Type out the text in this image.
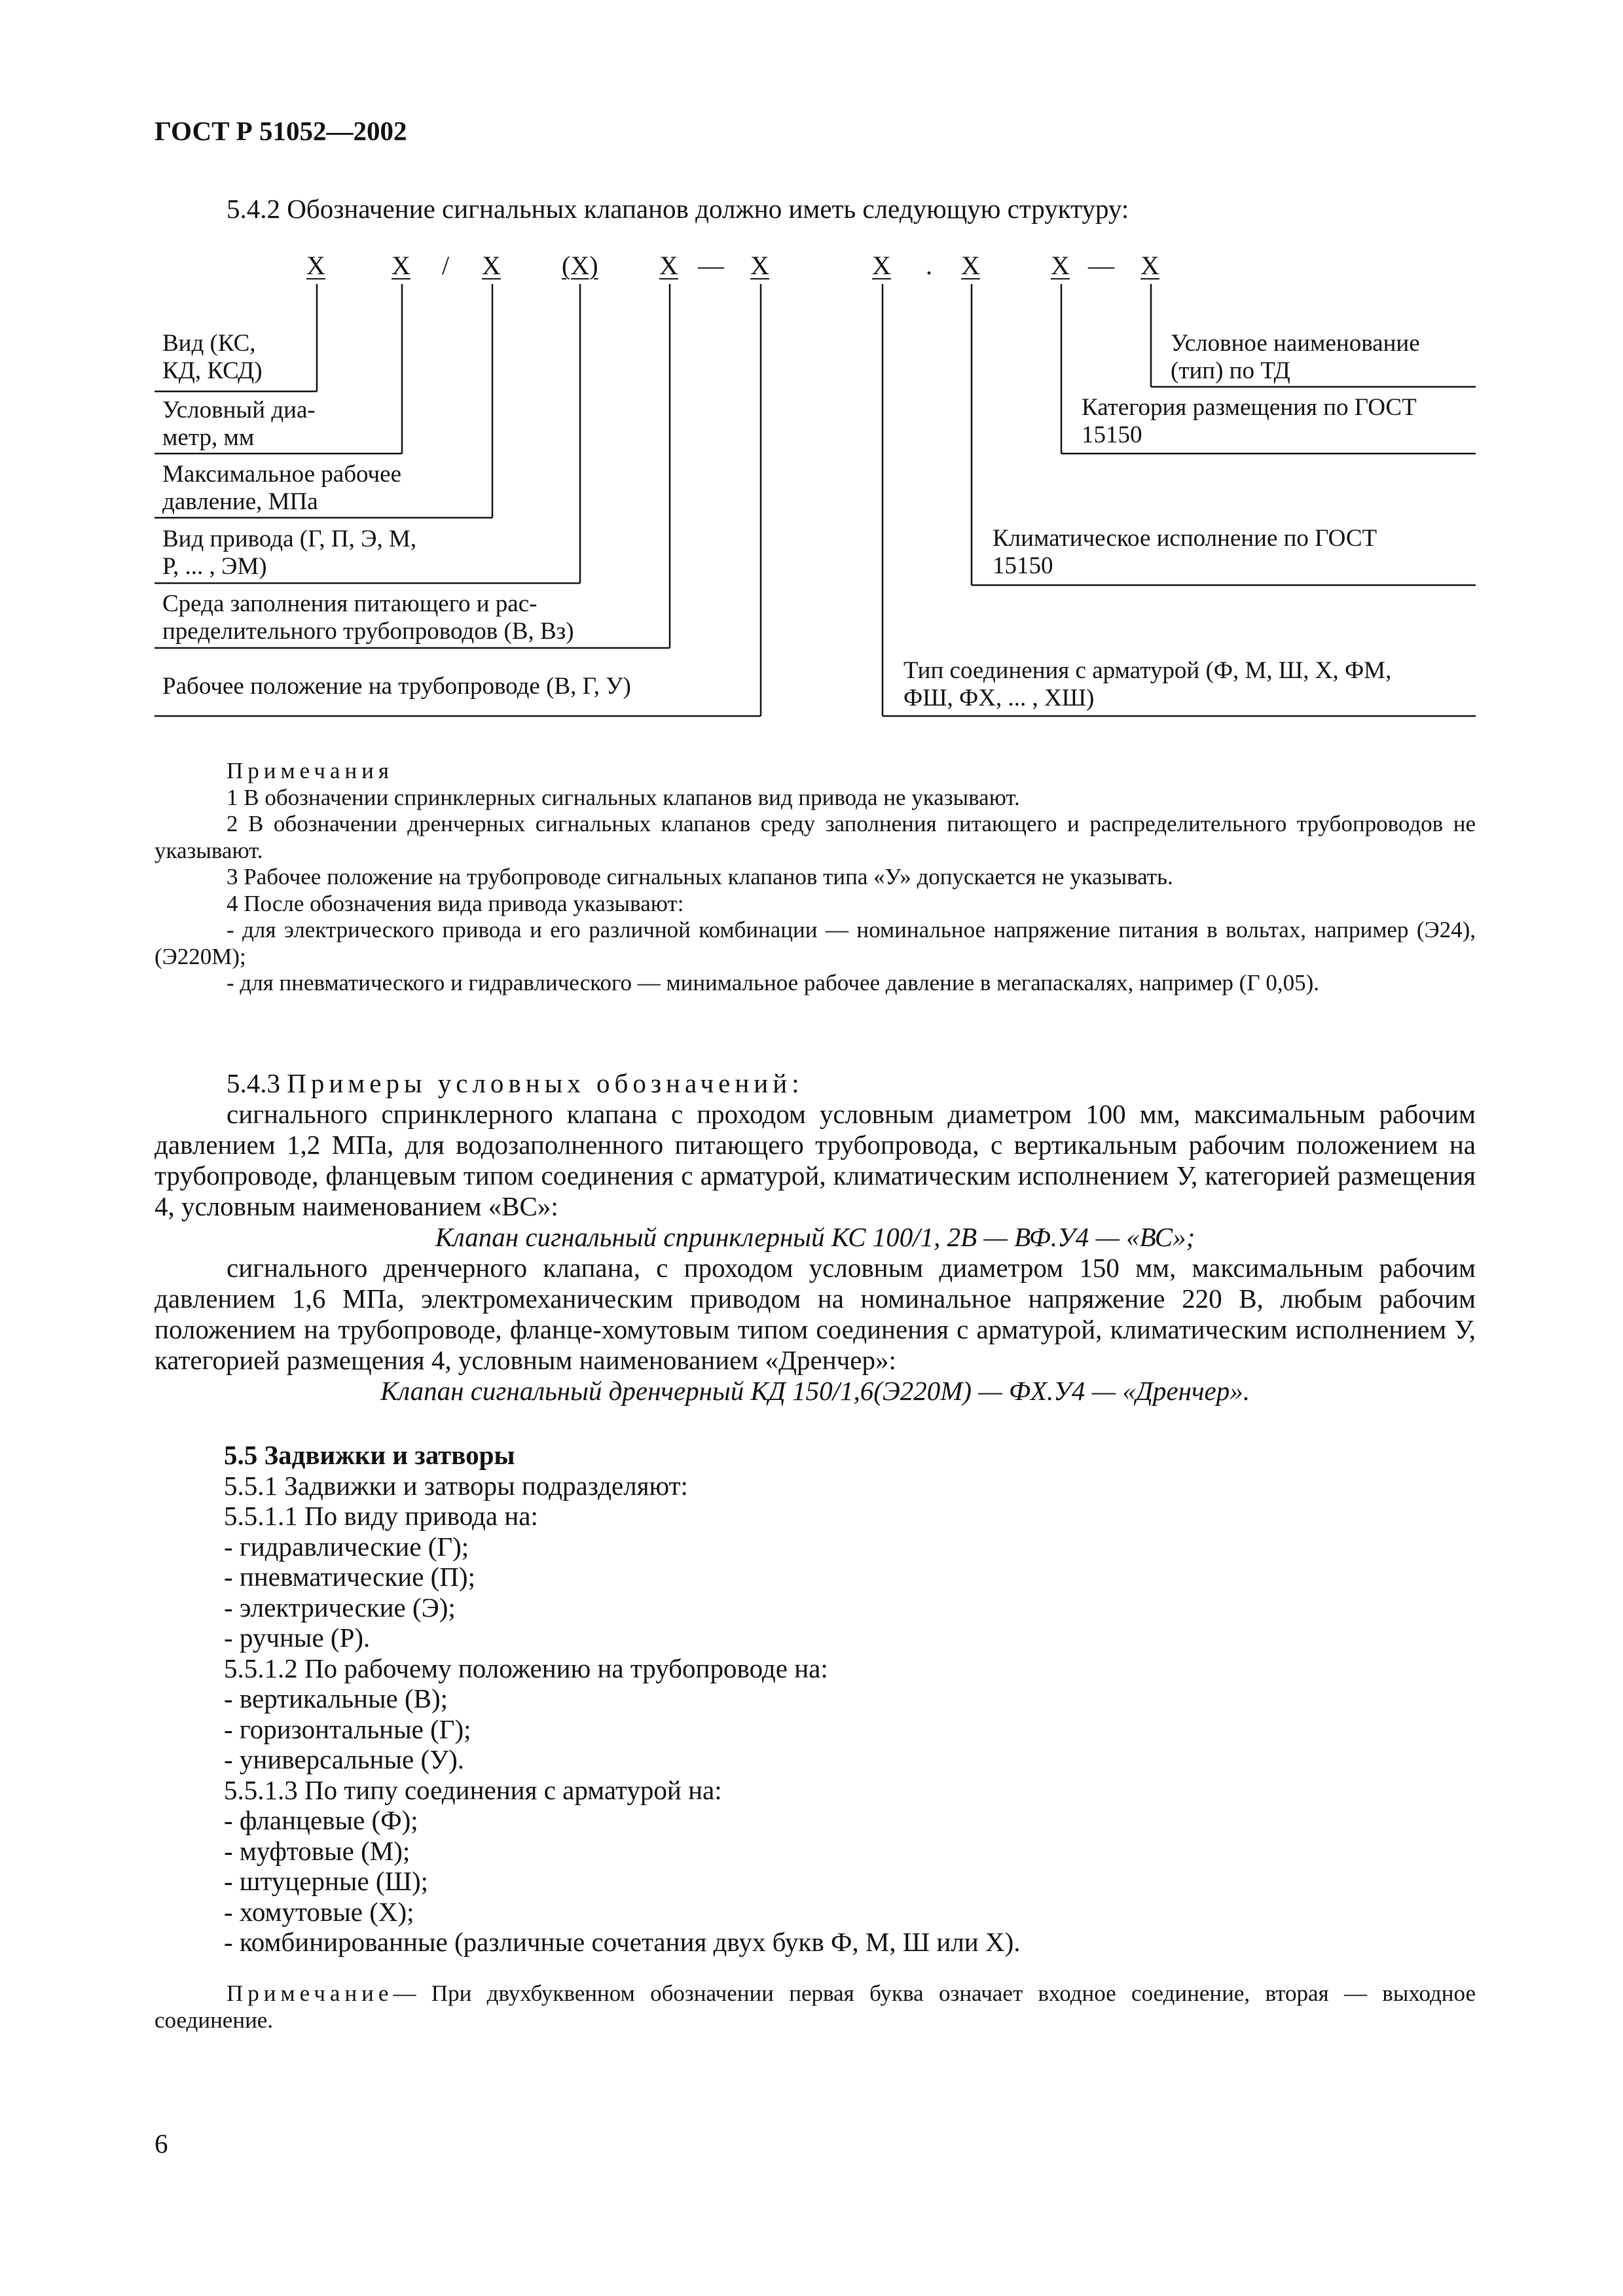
ГОСТ Р 51052—2002
5.4.2 Обозначение сигнальных клапанов должно иметь следующую структуру:
Х	Х / Х (Х) Х — Х	Х . Х	Х — Х
Вид (КС,
КД, КСД)
Условный диа-
метр, мм
Максимальное рабочее
давление, МПа
Вид привода (Г, П, Э, М,
Р, ... , ЭМ)
Среда заполнения питающего и рас-
пределительного трубопроводов (В, Вз)
Рабочее положение на трубопроводе (В, Г, У)
Условное наименование
(тип) по ТД
Категория размещения по ГОСТ
15150
Климатическое исполнение по ГОСТ
15150
Тип соединения с арматурой (Ф, М, Ш, Х, ФМ,
ФШ, ФХ, ... , ХШ)
Примечания
1 В обозначении спринклерных сигнальных клапанов вид привода не указывают.
2 В обозначении дренчерных сигнальных клапанов среду заполнения питающего и распределительного трубопроводов не указывают.
3 Рабочее положение на трубопроводе сигнальных клапанов типа «У» допускается не указывать.
4 После обозначения вида привода указывают:
- для электрического привода и его различной комбинации — номинальное напряжение питания в вольтах, например (Э24), (Э220М);
- для пневматического и гидравлического — минимальное рабочее давление в мегапаскалях, например (Г 0,05).
5.4.3 Примеры условных обозначений:
сигнального спринклерного клапана с проходом условным диаметром 100 мм, максимальным рабочим давлением 1,2 МПа, для водозаполненного питающего трубопровода, с вертикальным рабочим положением на трубопроводе, фланцевым типом соединения с арматурой, климатическим исполнением У, категорией размещения 4, условным наименованием «ВС»:
Клапан сигнальный спринклерный КС 100/1, 2В — ВФ.У4 — «ВС»;
сигнального дренчерного клапана, с проходом условным диаметром 150 мм, максимальным рабочим давлением 1,6 МПа, электромеханическим приводом на номинальное напряжение 220 В, любым рабочим положением на трубопроводе, фланце-хомутовым типом соединения с арматурой, климатическим исполнением У, категорией размещения 4, условным наименованием «Дренчер»:
Клапан сигнальный дренчерный КД 150/1,6(Э220М) — ФХ.У4 — «Дренчер».
5.5 Задвижки и затворы
5.5.1 Задвижки и затворы подразделяют:
5.5.1.1 По виду привода на:
- гидравлические (Г);
- пневматические (П);
- электрические (Э);
- ручные (Р).
5.5.1.2 По рабочему положению на трубопроводе на:
- вертикальные (В);
- горизонтальные (Г);
- универсальные (У).
5.5.1.3 По типу соединения с арматурой на:
- фланцевые (Ф);
- муфтовые (М);
- штуцерные (Ш);
- хомутовые (Х);
- комбинированные (различные сочетания двух букв Ф, М, Ш или Х).
Примечание— При двухбуквенном обозначении первая буква означает входное соединение, вторая — выходное соединение.
6
